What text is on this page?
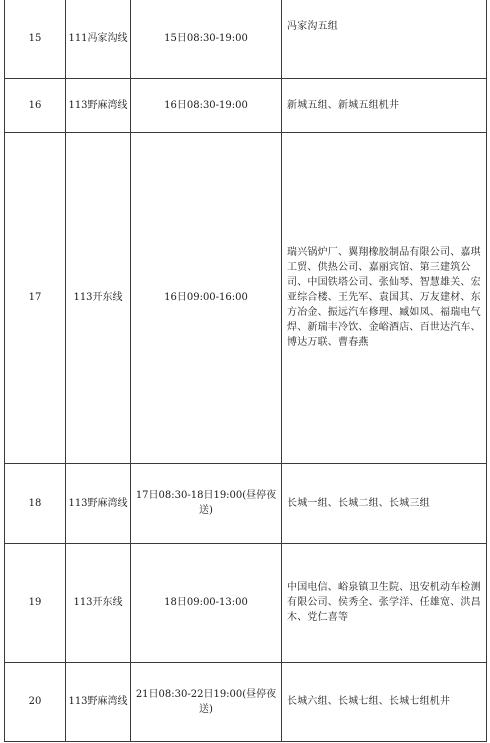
15	111冯家沟线	15日08:30-19:00	冯家沟五组

16	113野麻湾线	16日08:30-19:00	新城五组、新城五组机井

17	113开东线	16日09:00-16:00	瑞兴锅炉厂、翼翔橡胶制品有限公司、嘉琪工贸、供热公司、嘉丽宾馆、第三建筑公司、中国铁塔公司、张仙琴、智慧雄关、宏亚综合楼、王先军、袁国其、万友建材、东方冶金、振远汽车修理、臧如凤、福瑞电气焊、新瑞丰冷饮、金峪酒店、百世达汽车、博达万联、曹春燕

18	113野麻湾线	17日08:30-18日19:00(昼停夜送)	长城一组、长城二组、长城三组

19	113开东线	18日09:00-13:00	中国电信、峪泉镇卫生院、迅安机动车检测有限公司、侯秀全、张学洋、任雄宽、洪昌木、党仁喜等

20	113野麻湾线	21日08:30-22日19:00(昼停夜送)	长城六组、长城七组、长城七组机井
